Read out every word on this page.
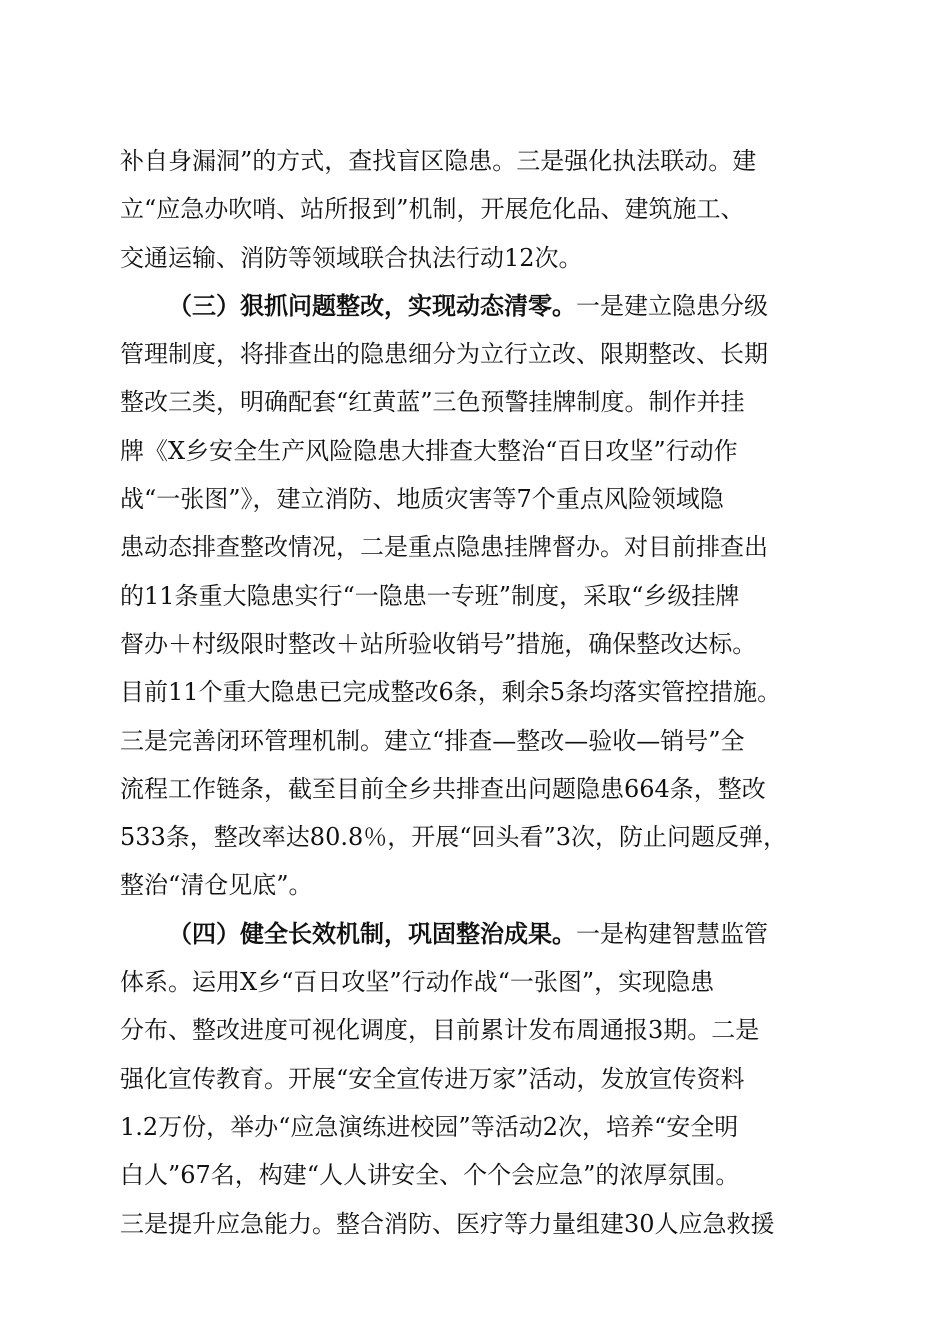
补自身漏洞”的方式，查找盲区隐患。三是强化执法联动。建
立“应急办吹哨、站所报到”机制，开展危化品、建筑施工、
交通运输、消防等领域联合执法行动12次。
（三）狠抓问题整改，实现动态清零。一是建立隐患分级
管理制度，将排查出的隐患细分为立行立改、限期整改、长期
整改三类，明确配套“红黄蓝”三色预警挂牌制度。制作并挂
牌《X乡安全生产风险隐患大排查大整治“百日攻坚”行动作
战“一张图”》，建立消防、地质灾害等7个重点风险领域隐
患动态排查整改情况，二是重点隐患挂牌督办。对目前排查出
的11条重大隐患实行“一隐患一专班”制度，采取“乡级挂牌
督办＋村级限时整改＋站所验收销号”措施，确保整改达标。
目前11个重大隐患已完成整改6条，剩余5条均落实管控措施。
三是完善闭环管理机制。建立“排查—整改—验收—销号”全
流程工作链条，截至目前全乡共排查出问题隐患664条，整改
533条，整改率达80.8％，开展“回头看”3次，防止问题反弹，
整治“清仓见底”。
（四）健全长效机制，巩固整治成果。一是构建智慧监管
体系。运用X乡“百日攻坚”行动作战“一张图”，实现隐患
分布、整改进度可视化调度，目前累计发布周通报3期。二是
强化宣传教育。开展“安全宣传进万家”活动，发放宣传资料
1.2万份，举办“应急演练进校园”等活动2次，培养“安全明
白人”67名，构建“人人讲安全、个个会应急”的浓厚氛围。
三是提升应急能力。整合消防、医疗等力量组建30人应急救援
